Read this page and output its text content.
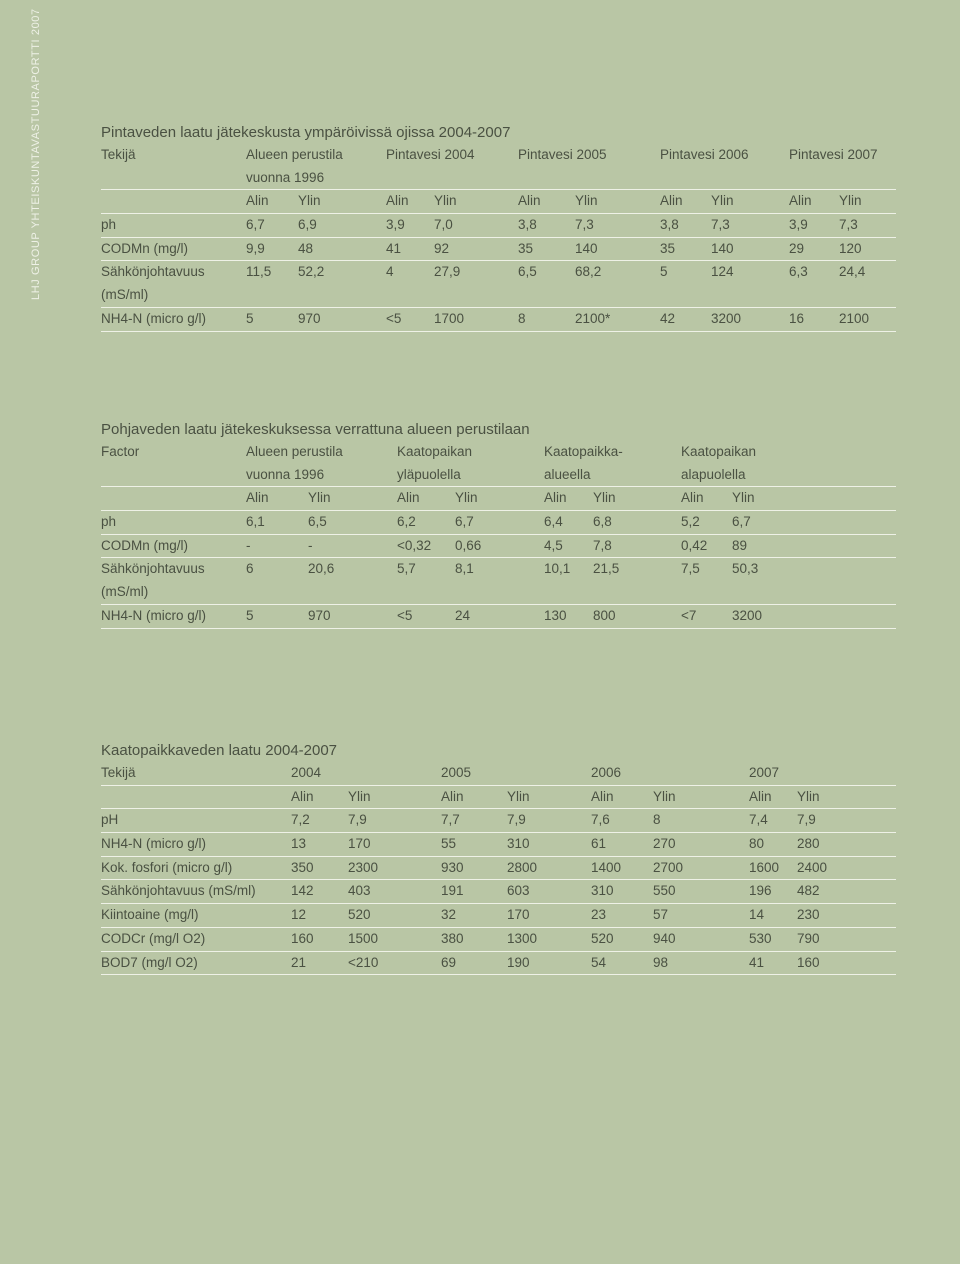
LHJ GROUP YHTEISKUNTAVASTUURAPORTTI 2007	Pintaveden laatu jätekeskusta ympäröivissä ojissa 2004-2007
Tekijä	Alueen perustila	Pintavesi 2004	Pintavesi 2005	Pintavesi 2006	Pintavesi 2007
vuonna 1996
Alin Ylin	Alin Ylin	Alin	Ylin	Alin Ylin	Alin Ylin
ph	6,7 6,9	3,9 7,0	3,8	7,3	3,8 7,3	3,9 7,3
CODMn (mg/l)	9,9 48	41 92	35	140	35	140	29	120
Sähkönjohtavuus	11,5 52,2	4	27,9	6,5	68,2	5	124	6,3 24,4
(mS/ml)
NH4-N (micro g/l)	5	970	<5 1700	8	2100*	42	3200	16	2100
Pohjaveden laatu jätekeskuksessa verrattuna alueen perustilaan
Factor	Alueen perustila	Kaatopaikan	Kaatopaikka-	Kaatopaikan
vuonna 1996	yläpuolella	alueella	alapuolella
Alin	Ylin	Alin	Ylin	Alin Ylin	Alin Ylin
ph	6,1	6,5	6,2	6,7	6,4 6,8	5,2 6,7
CODMn (mg/l)	-	-	<0,32 0,66	4,5 7,8	0,42 89
Sähkönjohtavuus	6	20,6	5,7	8,1	10,1 21,5	7,5 50,3
(mS/ml)
NH4-N (micro g/l)	5	970	<5	24	130 800	<7	3200
Kaatopaikkaveden laatu 2004-2007
Tekijä	2004	2005	2006	2007
Alin	Ylin	Alin	Ylin	Alin	Ylin	Alin Ylin
pH	7,2	7,9	7,7	7,9	7,6	8	7,4 7,9
NH4-N (micro g/l)	13	170	55	310	61	270	80 280
Kok. fosfori (micro g/l)	350	2300	930	2800	1400 2700	1600 2400
Sähkönjohtavuus (mS/ml)	142	403	191	603	310	550	196 482
Kiintoaine (mg/l)	12	520	32	170	23	57	14 230
CODCr (mg/l O2)	160	1500	380	1300	520	940	530 790
BOD7 (mg/l O2)	21	<210	69	190	54	98	41 160
